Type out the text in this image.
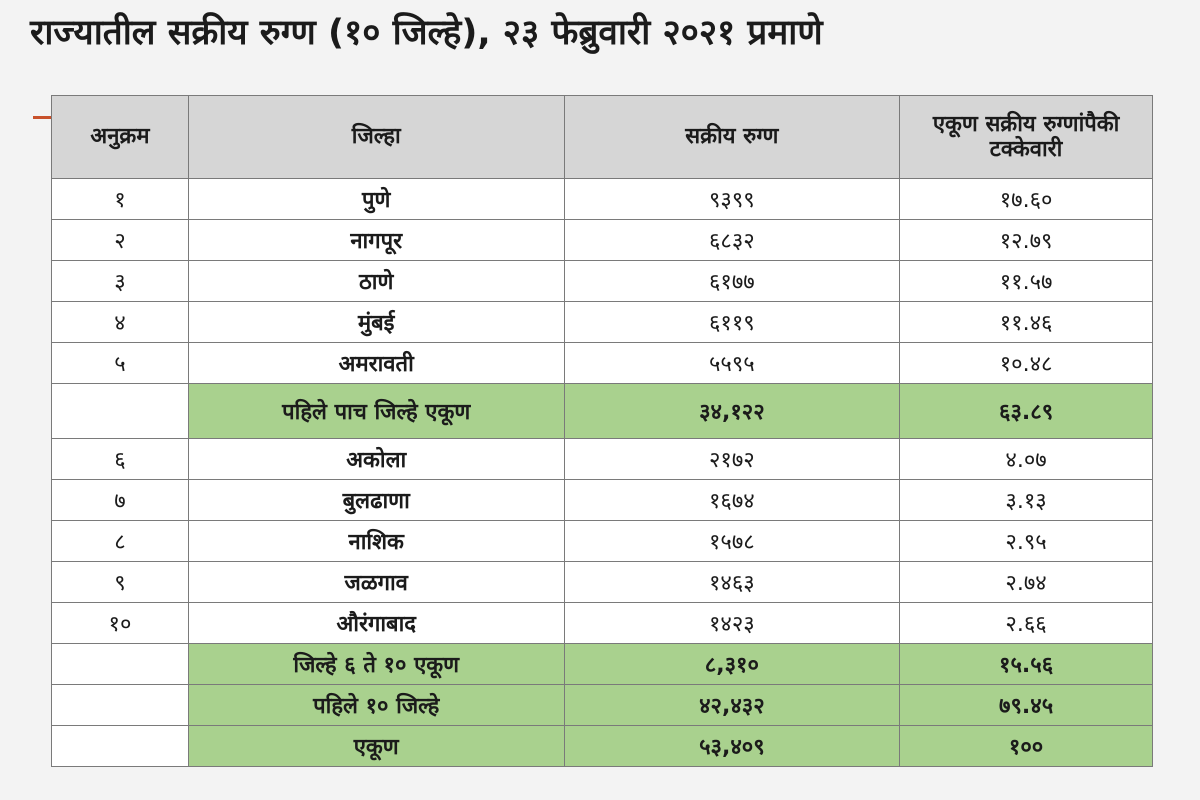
राज्यातील सक्रीय रुग्ण (१० जिल्हे), २३ फेब्रुवारी २०२१ प्रमाणे
अनुक्रम	जिल्हा	सक्रीय रुग्ण	एकूण सक्रीय रुग्णांपैकी टक्केवारी
१	पुणे	९३९९	१७.६०
२	नागपूर	६८३२	१२.७९
३	ठाणे	६१७७	११.५७
४	मुंबई	६११९	११.४६
५	अमरावती	५५९५	१०.४८
	पहिले पाच जिल्हे एकूण	३४,१२२	६३.८९
६	अकोला	२१७२	४.०७
७	बुलढाणा	१६७४	३.१३
८	नाशिक	१५७८	२.९५
९	जळगाव	१४६३	२.७४
१०	औरंगाबाद	१४२३	२.६६
	जिल्हे ६ ते १० एकूण	८,३१०	१५.५६
	पहिले १० जिल्हे	४२,४३२	७९.४५
	एकूण	५३,४०९	१००
